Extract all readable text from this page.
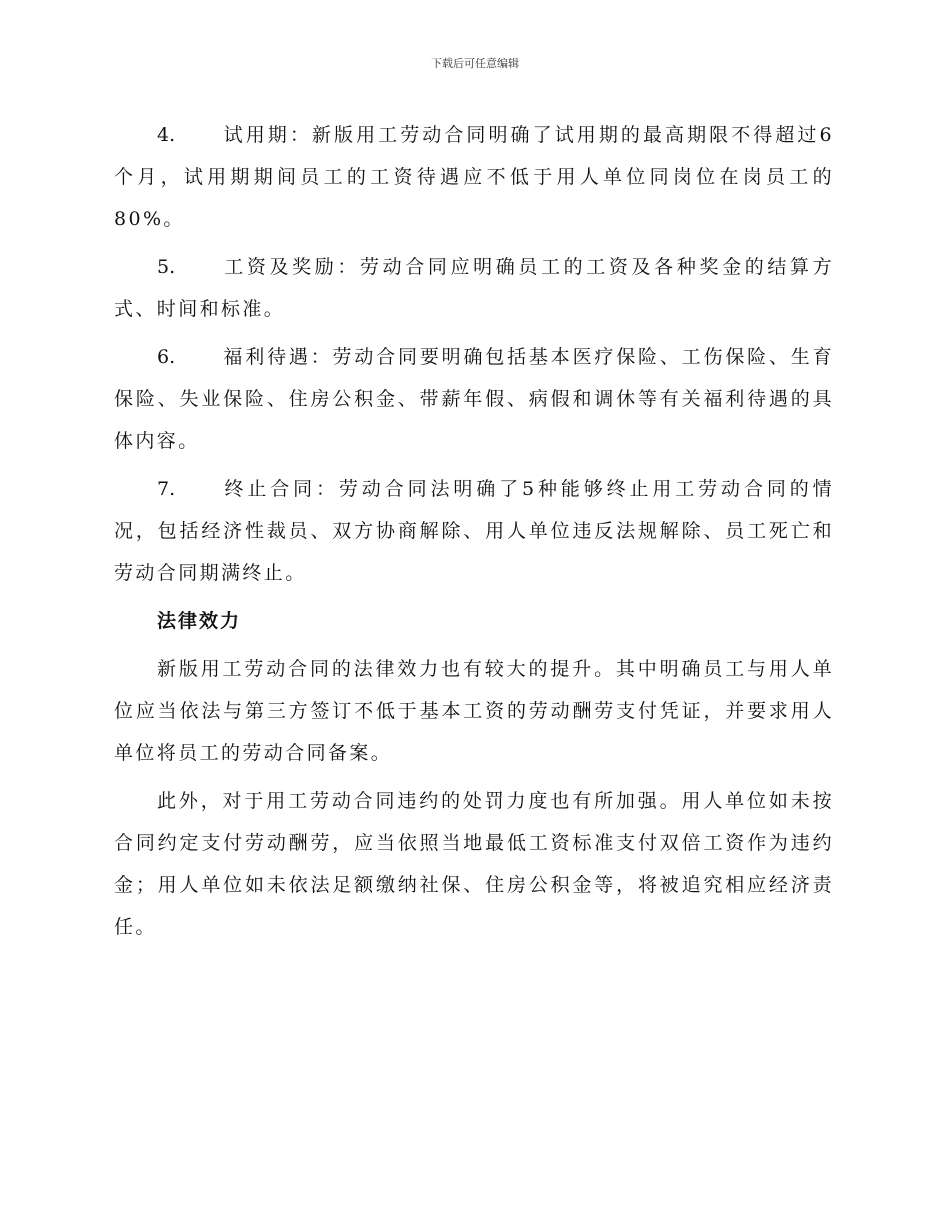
下载后可任意编辑

4.	试用期：新版用工劳动合同明确了试用期的最高期限不得超过6个月，试用期期间员工的工资待遇应不低于用人单位同岗位在岗员工的80%。

5.	工资及奖励：劳动合同应明确员工的工资及各种奖金的结算方式、时间和标准。

6.	福利待遇：劳动合同要明确包括基本医疗保险、工伤保险、生育保险、失业保险、住房公积金、带薪年假、病假和调休等有关福利待遇的具体内容。

7.	终止合同：劳动合同法明确了5种能够终止用工劳动合同的情况，包括经济性裁员、双方协商解除、用人单位违反法规解除、员工死亡和劳动合同期满终止。

法律效力

新版用工劳动合同的法律效力也有较大的提升。其中明确员工与用人单位应当依法与第三方签订不低于基本工资的劳动酬劳支付凭证，并要求用人单位将员工的劳动合同备案。

此外，对于用工劳动合同违约的处罚力度也有所加强。用人单位如未按合同约定支付劳动酬劳，应当依照当地最低工资标准支付双倍工资作为违约金；用人单位如未依法足额缴纳社保、住房公积金等，将被追究相应经济责任。
